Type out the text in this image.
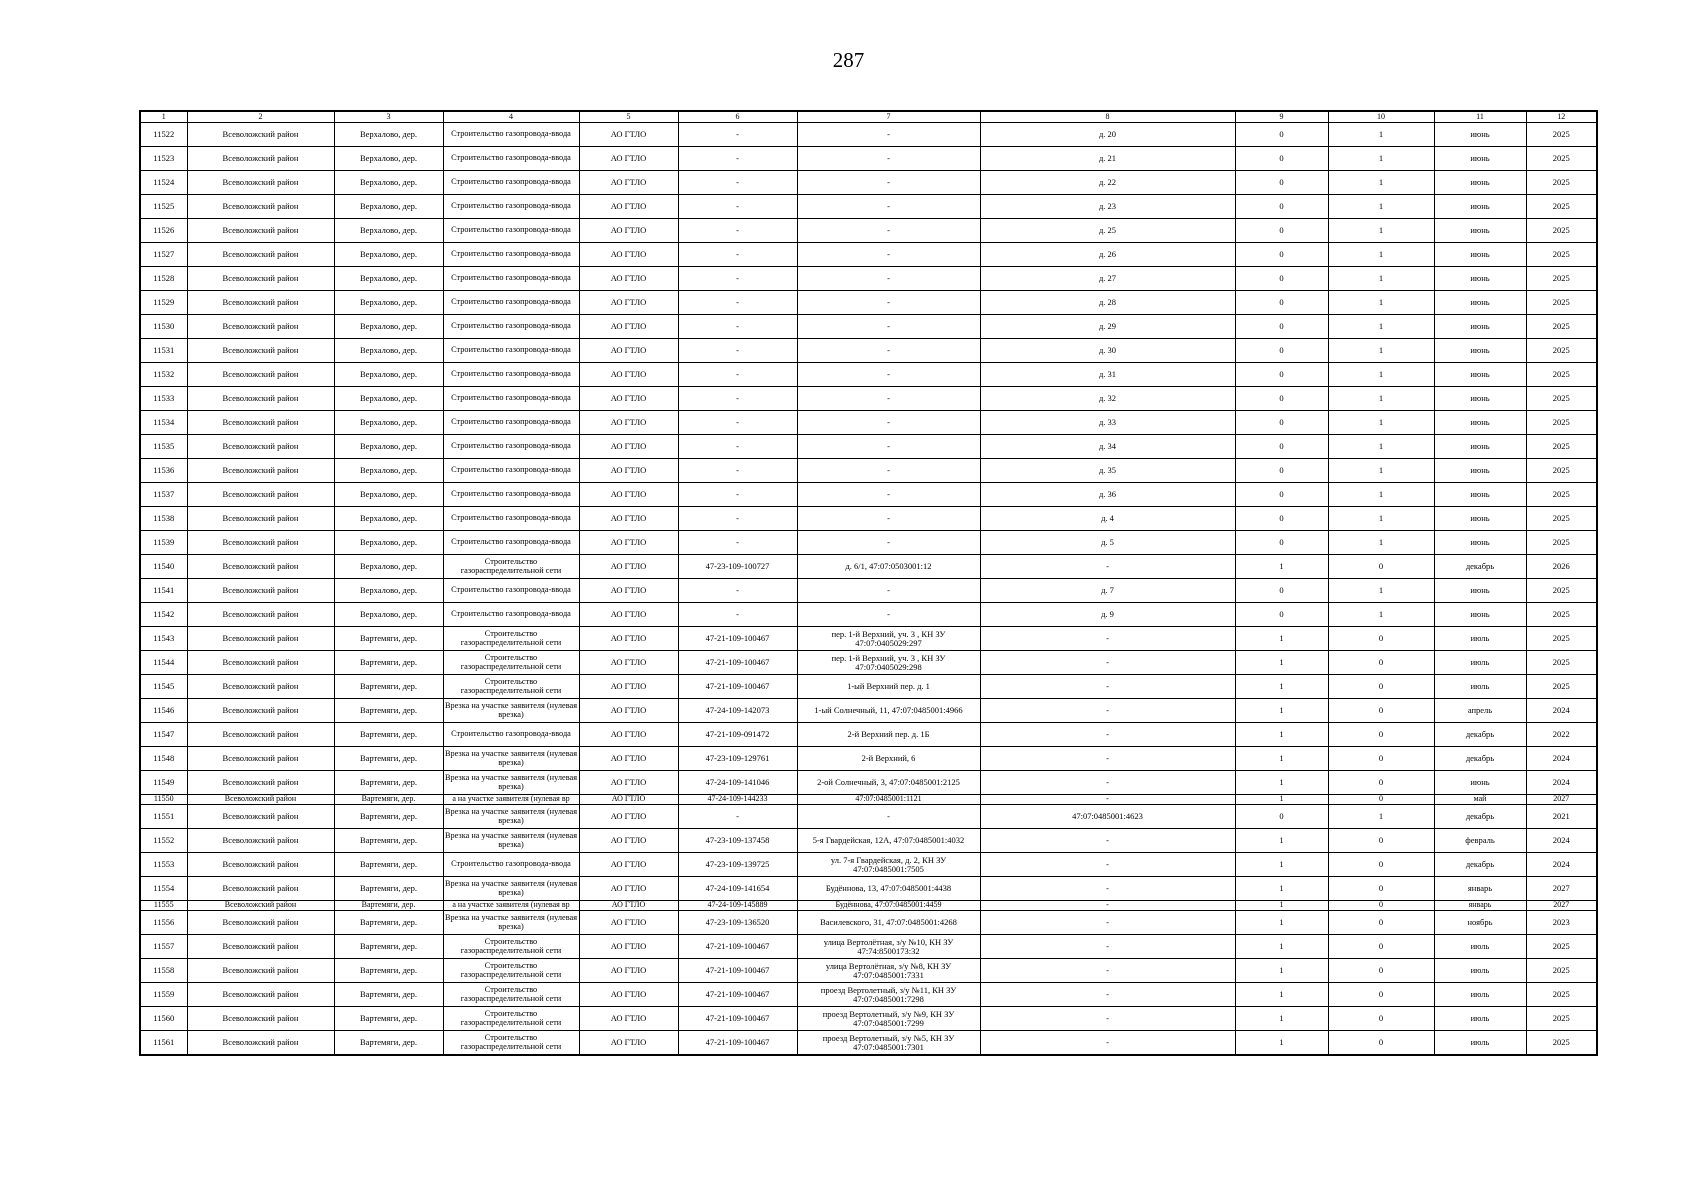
287
1	2	3	4	5	6	7	8	9	10	11	12
11522	Всеволожский район	Верхалово, дер.	Строительство газопровода-ввода	АО ГТЛО	-	-	д. 20	0	1	июнь	2025
11523	Всеволожский район	Верхалово, дер.	Строительство газопровода-ввода	АО ГТЛО	-	-	д. 21	0	1	июнь	2025
11524	Всеволожский район	Верхалово, дер.	Строительство газопровода-ввода	АО ГТЛО	-	-	д. 22	0	1	июнь	2025
11525	Всеволожский район	Верхалово, дер.	Строительство газопровода-ввода	АО ГТЛО	-	-	д. 23	0	1	июнь	2025
11526	Всеволожский район	Верхалово, дер.	Строительство газопровода-ввода	АО ГТЛО	-	-	д. 25	0	1	июнь	2025
11527	Всеволожский район	Верхалово, дер.	Строительство газопровода-ввода	АО ГТЛО	-	-	д. 26	0	1	июнь	2025
11528	Всеволожский район	Верхалово, дер.	Строительство газопровода-ввода	АО ГТЛО	-	-	д. 27	0	1	июнь	2025
11529	Всеволожский район	Верхалово, дер.	Строительство газопровода-ввода	АО ГТЛО	-	-	д. 28	0	1	июнь	2025
11530	Всеволожский район	Верхалово, дер.	Строительство газопровода-ввода	АО ГТЛО	-	-	д. 29	0	1	июнь	2025
11531	Всеволожский район	Верхалово, дер.	Строительство газопровода-ввода	АО ГТЛО	-	-	д. 30	0	1	июнь	2025
11532	Всеволожский район	Верхалово, дер.	Строительство газопровода-ввода	АО ГТЛО	-	-	д. 31	0	1	июнь	2025
11533	Всеволожский район	Верхалово, дер.	Строительство газопровода-ввода	АО ГТЛО	-	-	д. 32	0	1	июнь	2025
11534	Всеволожский район	Верхалово, дер.	Строительство газопровода-ввода	АО ГТЛО	-	-	д. 33	0	1	июнь	2025
11535	Всеволожский район	Верхалово, дер.	Строительство газопровода-ввода	АО ГТЛО	-	-	д. 34	0	1	июнь	2025
11536	Всеволожский район	Верхалово, дер.	Строительство газопровода-ввода	АО ГТЛО	-	-	д. 35	0	1	июнь	2025
11537	Всеволожский район	Верхалово, дер.	Строительство газопровода-ввода	АО ГТЛО	-	-	д. 36	0	1	июнь	2025
11538	Всеволожский район	Верхалово, дер.	Строительство газопровода-ввода	АО ГТЛО	-	-	д. 4	0	1	июнь	2025
11539	Всеволожский район	Верхалово, дер.	Строительство газопровода-ввода	АО ГТЛО	-	-	д. 5	0	1	июнь	2025
11540	Всеволожский район	Верхалово, дер.	Строительство газораспределительной сети	АО ГТЛО	47-23-109-100727	д. 6/1, 47:07:0503001:12	-	1	0	декабрь	2026
11541	Всеволожский район	Верхалово, дер.	Строительство газопровода-ввода	АО ГТЛО	-	-	д. 7	0	1	июнь	2025
11542	Всеволожский район	Верхалово, дер.	Строительство газопровода-ввода	АО ГТЛО	-	-	д. 9	0	1	июнь	2025
11543	Всеволожский район	Вартемяги, дер.	Строительство газораспределительной сети	АО ГТЛО	47-21-109-100467	пер. 1-й Верхний, уч. 3 , КН ЗУ 47:07:0405029:297	-	1	0	июль	2025
11544	Всеволожский район	Вартемяги, дер.	Строительство газораспределительной сети	АО ГТЛО	47-21-109-100467	пер. 1-й Верхний, уч. 3 , КН ЗУ 47:07:0405029:298	-	1	0	июль	2025
11545	Всеволожский район	Вартемяги, дер.	Строительство газораспределительной сети	АО ГТЛО	47-21-109-100467	1-ый Верхний пер. д. 1	-	1	0	июль	2025
11546	Всеволожский район	Вартемяги, дер.	Врезка на участке заявителя (нулевая врезка)	АО ГТЛО	47-24-109-142073	1-ый Солнечный, 11, 47:07:0485001:4966	-	1	0	апрель	2024
11547	Всеволожский район	Вартемяги, дер.	Строительство газопровода-ввода	АО ГТЛО	47-21-109-091472	2-й Верхний пер. д. 1Б	-	1	0	декабрь	2022
11548	Всеволожский район	Вартемяги, дер.	Врезка на участке заявителя (нулевая врезка)	АО ГТЛО	47-23-109-129761	2-й Верхний, 6	-	1	0	декабрь	2024
11549	Всеволожский район	Вартемяги, дер.	Врезка на участке заявителя (нулевая врезка)	АО ГТЛО	47-24-109-141046	2-ой Солнечный, 3, 47:07:0485001:2125	-	1	0	июнь	2024
11550	Всеволожский район	Вартемяги, дер.	а на участке заявителя (нулевая вр	АО ГТЛО	47-24-109-144233	47:07:0485001:1121	-	1	0	май	2027
11551	Всеволожский район	Вартемяги, дер.	Врезка на участке заявителя (нулевая врезка)	АО ГТЛО	-	-	47:07:0485001:4623	0	1	декабрь	2021
11552	Всеволожский район	Вартемяги, дер.	Врезка на участке заявителя (нулевая врезка)	АО ГТЛО	47-23-109-137458	5-я Гвардейская, 12А, 47:07:0485001:4032	-	1	0	февраль	2024
11553	Всеволожский район	Вартемяги, дер.	Строительство газопровода-ввода	АО ГТЛО	47-23-109-139725	ул. 7-я Гвардейская, д. 2, КН ЗУ 47:07:0485001:7505	-	1	0	декабрь	2024
11554	Всеволожский район	Вартемяги, дер.	Врезка на участке заявителя (нулевая врезка)	АО ГТЛО	47-24-109-141654	Будённова, 13, 47:07:0485001:4438	-	1	0	январь	2027
11555	Всеволожский район	Вартемяги, дер.	а на участке заявителя (нулевая вр	АО ГТЛО	47-24-109-145889	Будённова, 47:07:0485001:4459	-	1	0	январь	2027
11556	Всеволожский район	Вартемяги, дер.	Врезка на участке заявителя (нулевая врезка)	АО ГТЛО	47-23-109-136520	Василевского, 31, 47:07:0485001:4268	-	1	0	ноябрь	2023
11557	Всеволожский район	Вартемяги, дер.	Строительство газораспределительной сети	АО ГТЛО	47-21-109-100467	улица Вертолётная, з/у №10, КН ЗУ 47:74:8500173:32	-	1	0	июль	2025
11558	Всеволожский район	Вартемяги, дер.	Строительство газораспределительной сети	АО ГТЛО	47-21-109-100467	улица Вертолётная, з/у №8, КН ЗУ 47:07:0485001:7331	-	1	0	июль	2025
11559	Всеволожский район	Вартемяги, дер.	Строительство газораспределительной сети	АО ГТЛО	47-21-109-100467	проезд Вертолетный, з/у №11, КН ЗУ 47:07:0485001:7298	-	1	0	июль	2025
11560	Всеволожский район	Вартемяги, дер.	Строительство газораспределительной сети	АО ГТЛО	47-21-109-100467	проезд Вертолетный, з/у №9, КН ЗУ 47:07:0485001:7299	-	1	0	июль	2025
11561	Всеволожский район	Вартемяги, дер.	Строительство газораспределительной сети	АО ГТЛО	47-21-109-100467	проезд Вертолетный, з/у №5, КН ЗУ 47:07:0485001:7301	-	1	0	июль	2025
